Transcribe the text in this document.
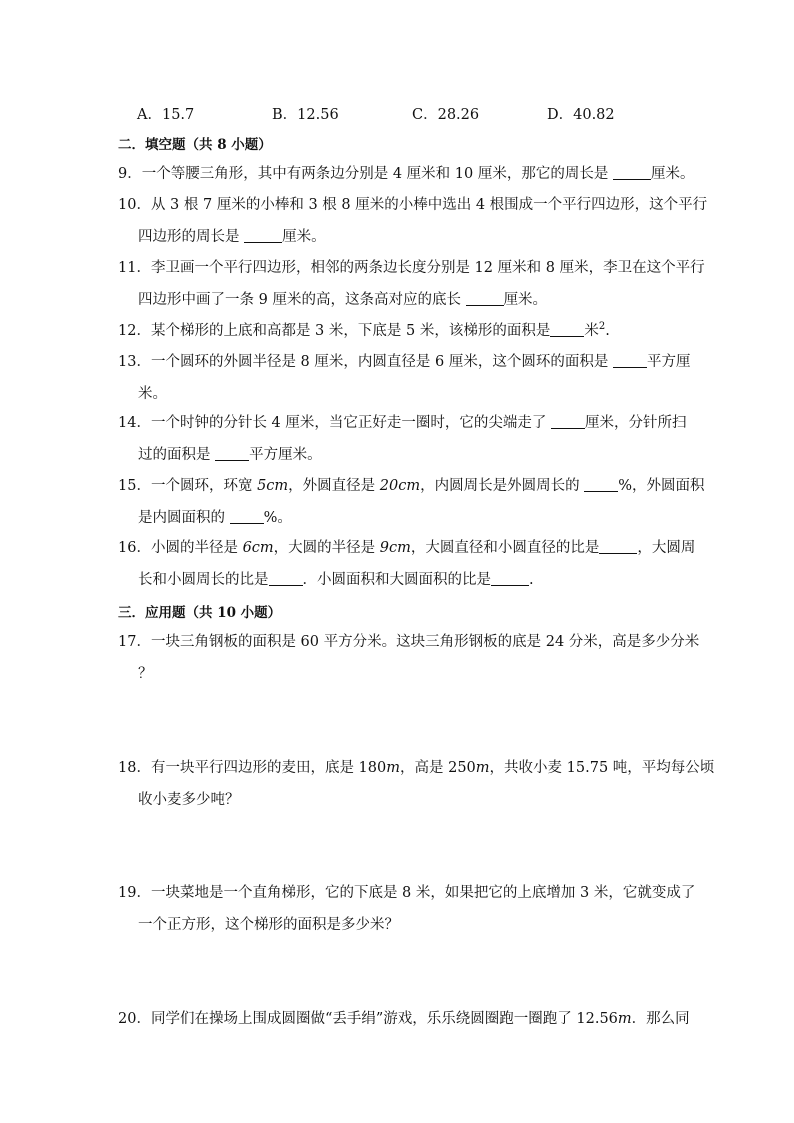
A．15.7	B．12.56	C．28.26	D．40.82
二．填空题（共 8 小题）
9．一个等腰三角形，其中有两条边分别是 4 厘米和 10 厘米，那它的周长是	厘米。
10．从 3 根 7 厘米的小棒和 3 根 8 厘米的小棒中选出 4 根围成一个平行四边形，这个平行
四边形的周长是	厘米。
11．李卫画一个平行四边形，相邻的两条边长度分别是 12 厘米和 8 厘米，李卫在这个平行
四边形中画了一条 9 厘米的高，这条高对应的底长	厘米。
12．某个梯形的上底和高都是 3 米，下底是 5 米，该梯形的面积是 米$^2$.
13．一个圆环的外圆半径是 8 厘米，内圆直径是 6 厘米，这个圆环的面积是 平方厘
米。
14．一个时钟的分针长 4 厘米，当它正好走一圈时，它的尖端走了 厘米，分针所扫
过的面积是 平方厘米。
15．一个圆环，环宽 5cm，外圆直径是 20cm，内圆周长是外圆周长的 %，外圆面积
是内圆面积的 %。
16．小圆的半径是 6cm，大圆的半径是 9cm，大圆直径和小圆直径的比是	，大圆周
长和小圆周长的比是 ．小圆面积和大圆面积的比是	.
三．应用题（共 10 小题）
17．一块三角钢板的面积是 60 平方分米。这块三角形钢板的底是 24 分米，高是多少分米
？
18．有一块平行四边形的麦田，底是 180m，高是 250m，共收小麦 15.75 吨，平均每公顷
收小麦多少吨？
19．一块菜地是一个直角梯形，它的下底是 8 米，如果把它的上底增加 3 米，它就变成了
一个正方形，这个梯形的面积是多少米？
20．同学们在操场上围成圆圈做“丢手绢”游戏，乐乐绕圆圈跑一圈跑了 12.56m．那么同
